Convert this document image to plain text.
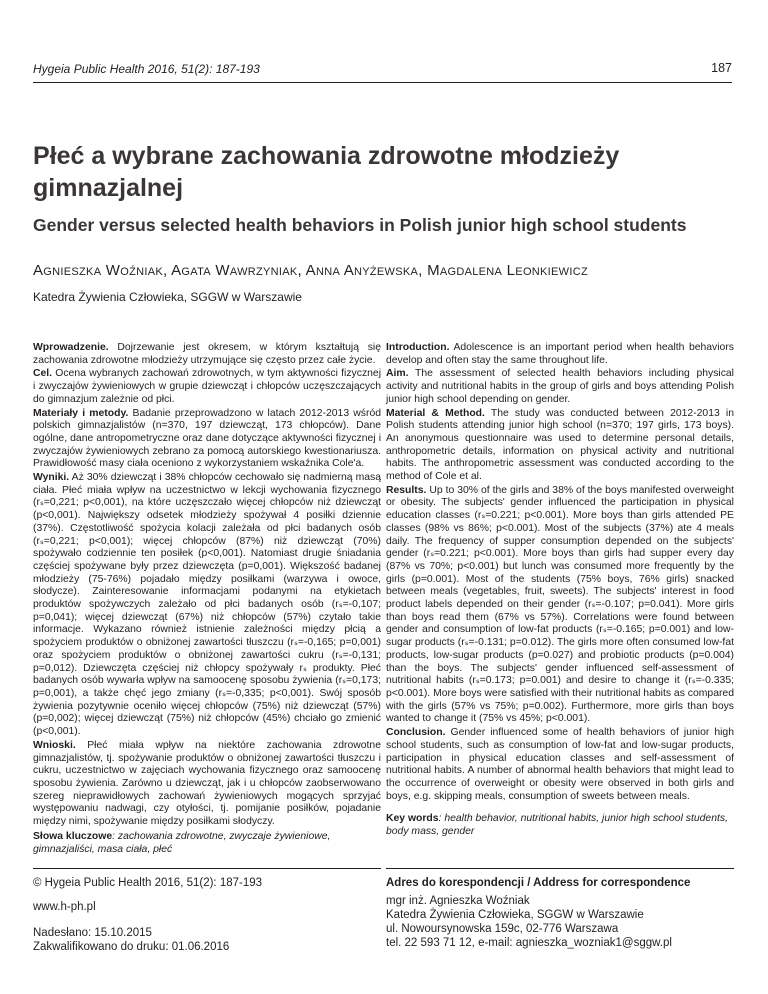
Hygeia Public Health 2016, 51(2): 187-193	187
Płeć a wybrane zachowania zdrowotne młodzieży gimnazjalnej
Gender versus selected health behaviors in Polish junior high school students
Agnieszka Woźniak, Agata Wawrzyniak, Anna Anyżewska, Magdalena Leonkiewicz
Katedra Żywienia Człowieka, SGGW w Warszawie

Wprowadzenie. Dojrzewanie jest okresem, w którym kształtują się zachowania zdrowotne młodzieży utrzymujące się często przez całe życie.

Cel. Ocena wybranych zachowań zdrowotnych, w tym aktywności fizycznej i zwyczajów żywieniowych w grupie dziewcząt i chłopców uczęszczających do gimnazjum zależnie od płci.

Materiały i metody. Badanie przeprowadzono w latach 2012-2013 wśród polskich gimnazjalistów (n=370, 197 dziewcząt, 173 chłopców). Dane ogólne, dane antropometryczne oraz dane dotyczące aktywności fizycznej i zwyczajów żywieniowych zebrano za pomocą autorskiego kwestionariusza. Prawidłowość masy ciała oceniono z wykorzystaniem wskaźnika Cole'a.

Wyniki. Aż 30% dziewcząt i 38% chłopców cechowało się nadmierną masą ciała. Płeć miała wpływ na uczestnictwo w lekcji wychowania fizycznego (rₛ=0,221; p<0,001), na które uczęszczało więcej chłopców niż dziewcząt (p<0,001). Największy odsetek młodzieży spożywał 4 posiłki dziennie (37%). Częstotliwość spożycia kolacji zależała od płci badanych osób (rₛ=0,221; p<0,001); więcej chłopców (87%) niż dziewcząt (70%) spożywało codziennie ten posiłek (p<0,001). Natomiast drugie śniadania częściej spożywane były przez dziewczęta (p=0,001). Większość badanej młodzieży (75-76%) pojadało między posiłkami (warzywa i owoce, słodycze). Zainteresowanie informacjami podanymi na etykietach produktów spożywczych zależało od płci badanych osób (rₛ=-0,107; p=0,041); więcej dziewcząt (67%) niż chłopców (57%) czytało takie informacje. Wykazano również istnienie zależności między płcią a spożyciem produktów o obniżonej zawartości tłuszczu (rₛ=-0,165; p=0,001) oraz spożyciem produktów o obniżonej zawartości cukru (rₛ=-0,131; p=0,012). Dziewczęta częściej niż chłopcy spożywały rₛ produkty. Płeć badanych osób wywarła wpływ na samoocenę sposobu żywienia (rₛ=0,173; p=0,001), a także chęć jego zmiany (rₛ=-0,335; p<0,001). Swój sposób żywienia pozytywnie oceniło więcej chłopców (75%) niż dziewcząt (57%) (p=0,002); więcej dziewcząt (75%) niż chłopców (45%) chciało go zmienić (p<0,001).

Wnioski. Płeć miała wpływ na niektóre zachowania zdrowotne gimnazjalistów, tj. spożywanie produktów o obniżonej zawartości tłuszczu i cukru, uczestnictwo w zajęciach wychowania fizycznego oraz samoocenę sposobu żywienia. Zarówno u dziewcząt, jak i u chłopców zaobserwowano szereg nieprawidłowych zachowań żywieniowych mogących sprzyjać występowaniu nadwagi, czy otyłości, tj. pomijanie posiłków, pojadanie między nimi, spożywanie między posiłkami słodyczy.

Słowa kluczowe: zachowania zdrowotne, zwyczaje żywieniowe, gimnazjaliści, masa ciała, płeć

Introduction. Adolescence is an important period when health behaviors develop and often stay the same throughout life.

Aim. The assessment of selected health behaviors including physical activity and nutritional habits in the group of girls and boys attending Polish junior high school depending on gender.

Material & Method. The study was conducted between 2012-2013 in Polish students attending junior high school (n=370; 197 girls, 173 boys). An anonymous questionnaire was used to determine personal details, anthropometric details, information on physical activity and nutritional habits. The anthropometric assessment was conducted according to the method of Cole et al.

Results. Up to 30% of the girls and 38% of the boys manifested overweight or obesity. The subjects' gender influenced the participation in physical education classes (rₛ=0.221; p<0.001). More boys than girls attended PE classes (98% vs 86%; p<0.001). Most of the subjects (37%) ate 4 meals daily. The frequency of supper consumption depended on the subjects' gender (rₛ=0.221; p<0.001). More boys than girls had supper every day (87% vs 70%; p<0.001) but lunch was consumed more frequently by the girls (p=0.001). Most of the students (75% boys, 76% girls) snacked between meals (vegetables, fruit, sweets). The subjects' interest in food product labels depended on their gender (rₛ=-0.107; p=0.041). More girls than boys read them (67% vs 57%). Correlations were found between gender and consumption of low-fat products (rₛ=-0.165; p=0.001) and low-sugar products (rₛ=-0.131; p=0.012). The girls more often consumed low-fat products, low-sugar products (p=0.027) and probiotic products (p=0.004) than the boys. The subjects' gender influenced self-assessment of nutritional habits (rₛ=0.173; p=0.001) and desire to change it (rₛ=-0.335; p<0.001). More boys were satisfied with their nutritional habits as compared with the girls (57% vs 75%; p=0.002). Furthermore, more girls than boys wanted to change it (75% vs 45%; p<0.001).

Conclusion. Gender influenced some of health behaviors of junior high school students, such as consumption of low-fat and low-sugar products, participation in physical education classes and self-assessment of nutritional habits. A number of abnormal health behaviors that might lead to the occurrence of overweight or obesity were observed in both girls and boys, e.g. skipping meals, consumption of sweets between meals.

Key words: health behavior, nutritional habits, junior high school students, body mass, gender

© Hygeia Public Health 2016, 51(2): 187-193
www.h-ph.pl
Nadesłano: 15.10.2015
Zakwalifikowano do druku: 01.06.2016
Adres do korespondencji / Address for correspondence
mgr inż. Agnieszka Woźniak
Katedra Żywienia Człowieka, SGGW w Warszawie
ul. Nowoursynowska 159c, 02-776 Warszawa
tel. 22 593 71 12, e-mail: agnieszka_wozniak1@sggw.pl
